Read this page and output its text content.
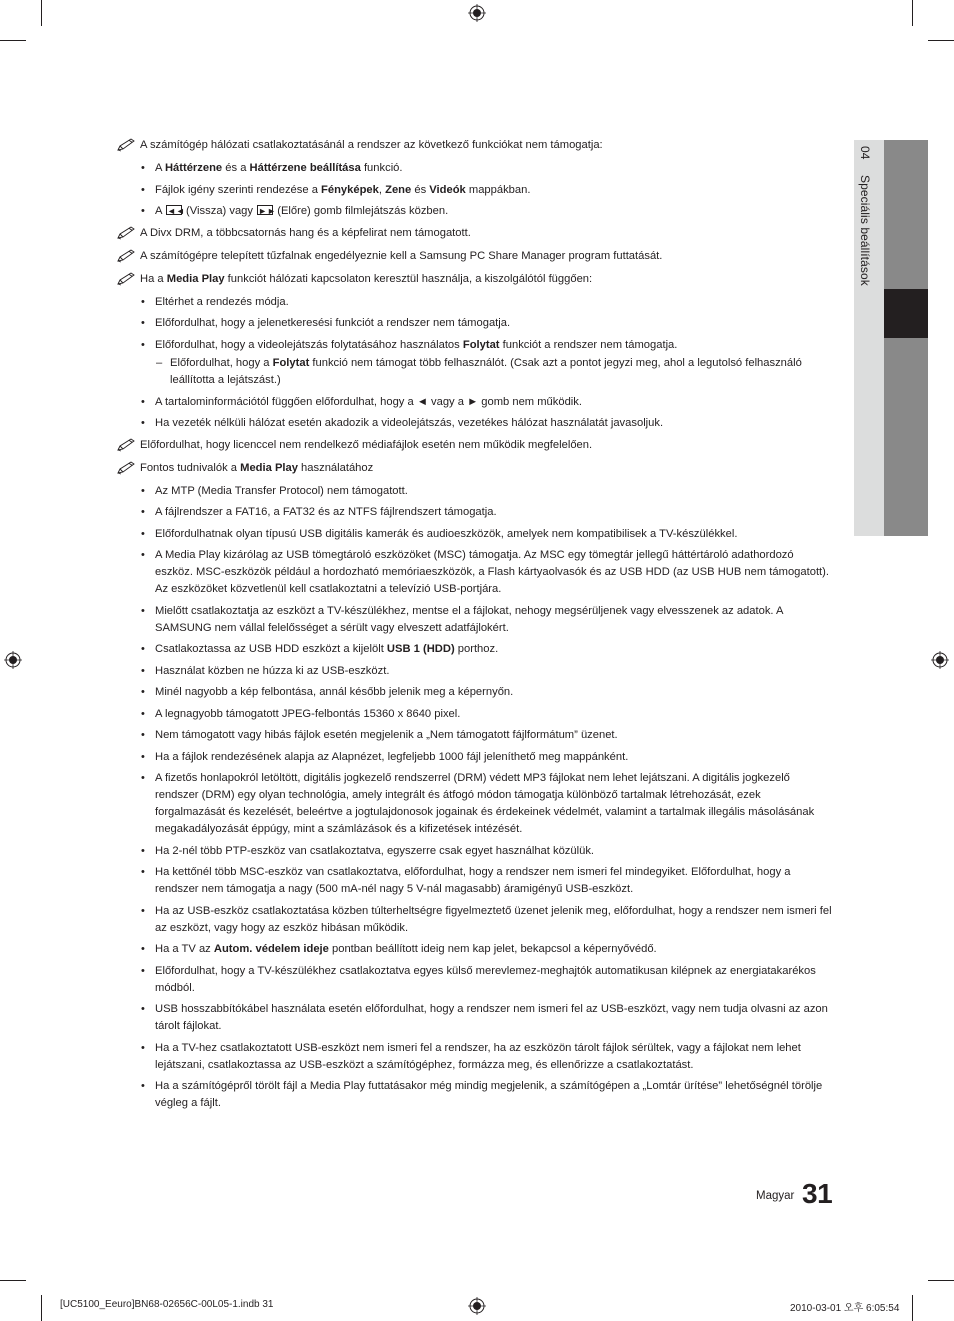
04 Speciális beállítások
A számítógép hálózati csatlakoztatásánál a rendszer az következő funkciókat nem támogatja:
• A Háttérzene és a Háttérzene beállítása funkció.
• Fájlok igény szerinti rendezése a Fényképek, Zene és Videók mappákban.
• A ◄◄ (Vissza) vagy ►► (Előre) gomb filmlejátszás közben.
A Divx DRM, a többcsatornás hang és a képfelirat nem támogatott.
A számítógépre telepített tűzfalnak engedélyeznie kell a Samsung PC Share Manager program futtatását.
Ha a Media Play funkciót hálózati kapcsolaton keresztül használja, a kiszolgálótól függően:
• Eltérhet a rendezés módja.
• Előfordulhat, hogy a jelenetkeresési funkciót a rendszer nem támogatja.
• Előfordulhat, hogy a videolejátszás folytatásához használatos Folytat funkciót a rendszer nem támogatja.
– Előfordulhat, hogy a Folytat funkció nem támogat több felhasználót. (Csak azt a pontot jegyzi meg, ahol a legutolsó felhasználó leállította a lejátszást.)
• A tartalominformációtól függően előfordulhat, hogy a ◄ vagy a ► gomb nem működik.
• Ha vezeték nélküli hálózat esetén akadozik a videolejátszás, vezetékes hálózat használatát javasoljuk.
Előfordulhat, hogy licenccel nem rendelkező médiafájlok esetén nem működik megfelelően.
Fontos tudnivalók a Media Play használatához
• Az MTP (Media Transfer Protocol) nem támogatott.
• A fájlrendszer a FAT16, a FAT32 és az NTFS fájlrendszert támogatja.
• Előfordulhatnak olyan típusú USB digitális kamerák és audioeszközök, amelyek nem kompatibilisek a TV-készülékkel.
• A Media Play kizárólag az USB tömegtároló eszközöket (MSC) támogatja. Az MSC egy tömegtár jellegű háttértároló adathordozó eszköz. MSC-eszközök például a hordozható memóriaeszközök, a Flash kártyaolvasók és az USB HDD (az USB HUB nem támogatott). Az eszközöket közvetlenül kell csatlakoztatni a televízió USB-portjára.
• Mielőtt csatlakoztatja az eszközt a TV-készülékhez, mentse el a fájlokat, nehogy megsérüljenek vagy elvesszenek az adatok. A SAMSUNG nem vállal felelősséget a sérült vagy elveszett adatfájlokért.
• Csatlakoztassa az USB HDD eszközt a kijelölt USB 1 (HDD) porthoz.
• Használat közben ne húzza ki az USB-eszközt.
• Minél nagyobb a kép felbontása, annál később jelenik meg a képernyőn.
• A legnagyobb támogatott JPEG-felbontás 15360 x 8640 pixel.
• Nem támogatott vagy hibás fájlok esetén megjelenik a „Nem támogatott fájlformátum” üzenet.
• Ha a fájlok rendezésének alapja az Alapnézet, legfeljebb 1000 fájl jeleníthető meg mappánként.
• A fizetős honlapokról letöltött, digitális jogkezelő rendszerrel (DRM) védett MP3 fájlokat nem lehet lejátszani. A digitális jogkezelő rendszer (DRM) egy olyan technológia, amely integrált és átfogó módon támogatja különböző tartalmak létrehozását, ezek forgalmazását és kezelését, beleértve a jogtulajdonosok jogainak és érdekeinek védelmét, valamint a tartalmak illegális másolásának megakadályozását éppúgy, mint a számlázások és a kifizetések intézését.
• Ha 2-nél több PTP-eszköz van csatlakoztatva, egyszerre csak egyet használhat közülük.
• Ha kettőnél több MSC-eszköz van csatlakoztatva, előfordulhat, hogy a rendszer nem ismeri fel mindegyiket. Előfordulhat, hogy a rendszer nem támogatja a nagy (500 mA-nél nagy 5 V-nál magasabb) áramigényű USB-eszközt.
• Ha az USB-eszköz csatlakoztatása közben túlterheltségre figyelmeztető üzenet jelenik meg, előfordulhat, hogy a rendszer nem ismeri fel az eszközt, vagy hogy az eszköz hibásan működik.
• Ha a TV az Autom. védelem ideje pontban beállított ideig nem kap jelet, bekapcsol a képernyővédő.
• Előfordulhat, hogy a TV-készülékhez csatlakoztatva egyes külső merevlemez-meghajtók automatikusan kilépnek az energiatakarékos módból.
• USB hosszabbítókábel használata esetén előfordulhat, hogy a rendszer nem ismeri fel az USB-eszközt, vagy nem tudja olvasni az azon tárolt fájlokat.
• Ha a TV-hez csatlakoztatott USB-eszközt nem ismeri fel a rendszer, ha az eszközön tárolt fájlok sérültek, vagy a fájlokat nem lehet lejátszani, csatlakoztassa az USB-eszközt a számítógéphez, formázza meg, és ellenőrizze a csatlakoztatást.
• Ha a számítógépről törölt fájl a Media Play futtatásakor még mindig megjelenik, a számítógépen a „Lomtár ürítése” lehetőségnél törölje végleg a fájlt.
Magyar 31
[UC5100_Eeuro]BN68-02656C-00L05-1.indb 31	2010-03-01 오후 6:05:54
